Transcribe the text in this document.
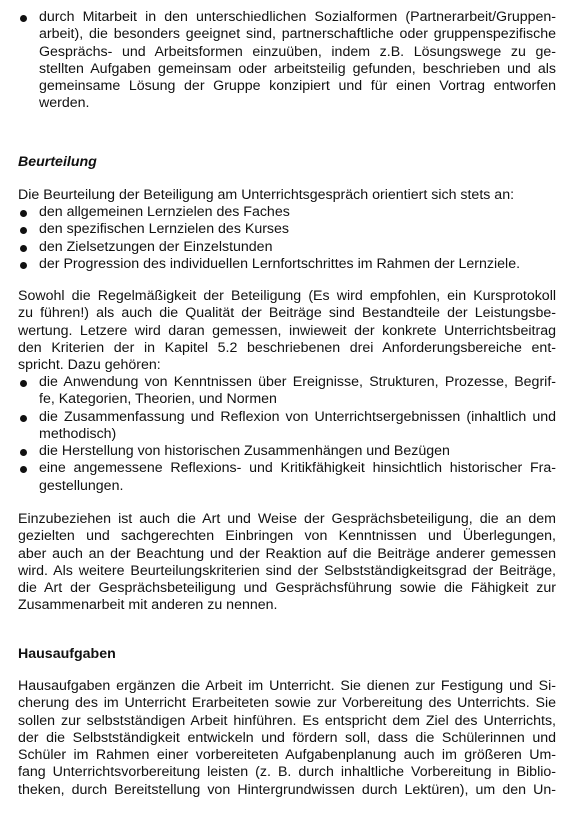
durch Mitarbeit in den unterschiedlichen Sozialformen (Partnerarbeit/Gruppen-
arbeit), die besonders geeignet sind, partnerschaftliche oder gruppenspezifische
Gesprächs- und Arbeitsformen einzuüben, indem z.B. Lösungswege zu ge-
stellten Aufgaben gemeinsam oder arbeitsteilig gefunden, beschrieben und als
gemeinsame Lösung der Gruppe konzipiert und für einen Vortrag entworfen
werden.
Beurteilung
Die Beurteilung der Beteiligung am Unterrichtsgespräch orientiert sich stets an:
den allgemeinen Lernzielen des Faches
den spezifischen Lernzielen des Kurses
den Zielsetzungen der Einzelstunden
der Progression des individuellen Lernfortschrittes im Rahmen der Lernziele.
Sowohl die Regelmäßigkeit der Beteiligung (Es wird empfohlen, ein Kursprotokoll
zu führen!) als auch die Qualität der Beiträge sind Bestandteile der Leistungsbe-
wertung. Letzere wird daran gemessen, inwieweit der konkrete Unterrichtsbeitrag
den Kriterien der in Kapitel 5.2 beschriebenen drei Anforderungsbereiche ent-
spricht. Dazu gehören:
die Anwendung von Kenntnissen über Ereignisse, Strukturen, Prozesse, Begrif-
fe, Kategorien, Theorien, und Normen
die Zusammenfassung und Reflexion von Unterrichtsergebnissen (inhaltlich und
methodisch)
die Herstellung von historischen Zusammenhängen und Bezügen
eine angemessene Reflexions- und Kritikfähigkeit hinsichtlich historischer Fra-
gestellungen.
Einzubeziehen ist auch die Art und Weise der Gesprächsbeteiligung, die an dem
gezielten und sachgerechten Einbringen von Kenntnissen und Überlegungen,
aber auch an der Beachtung und der Reaktion auf die Beiträge anderer gemessen
wird. Als weitere Beurteilungskriterien sind der Selbstständigkeitsgrad der Beiträge,
die Art der Gesprächsbeteiligung und Gesprächsführung sowie die Fähigkeit zur
Zusammenarbeit mit anderen zu nennen.
Hausaufgaben
Hausaufgaben ergänzen die Arbeit im Unterricht. Sie dienen zur Festigung und Si-
cherung des im Unterricht Erarbeiteten sowie zur Vorbereitung des Unterrichts. Sie
sollen zur selbstständigen Arbeit hinführen. Es entspricht dem Ziel des Unterrichts,
der die Selbstständigkeit entwickeln und fördern soll, dass die Schülerinnen und
Schüler im Rahmen einer vorbereiteten Aufgabenplanung auch im größeren Um-
fang Unterrichtsvorbereitung leisten (z. B. durch inhaltliche Vorbereitung in Biblio-
theken, durch Bereitstellung von Hintergrundwissen durch Lektüren), um den Un-
